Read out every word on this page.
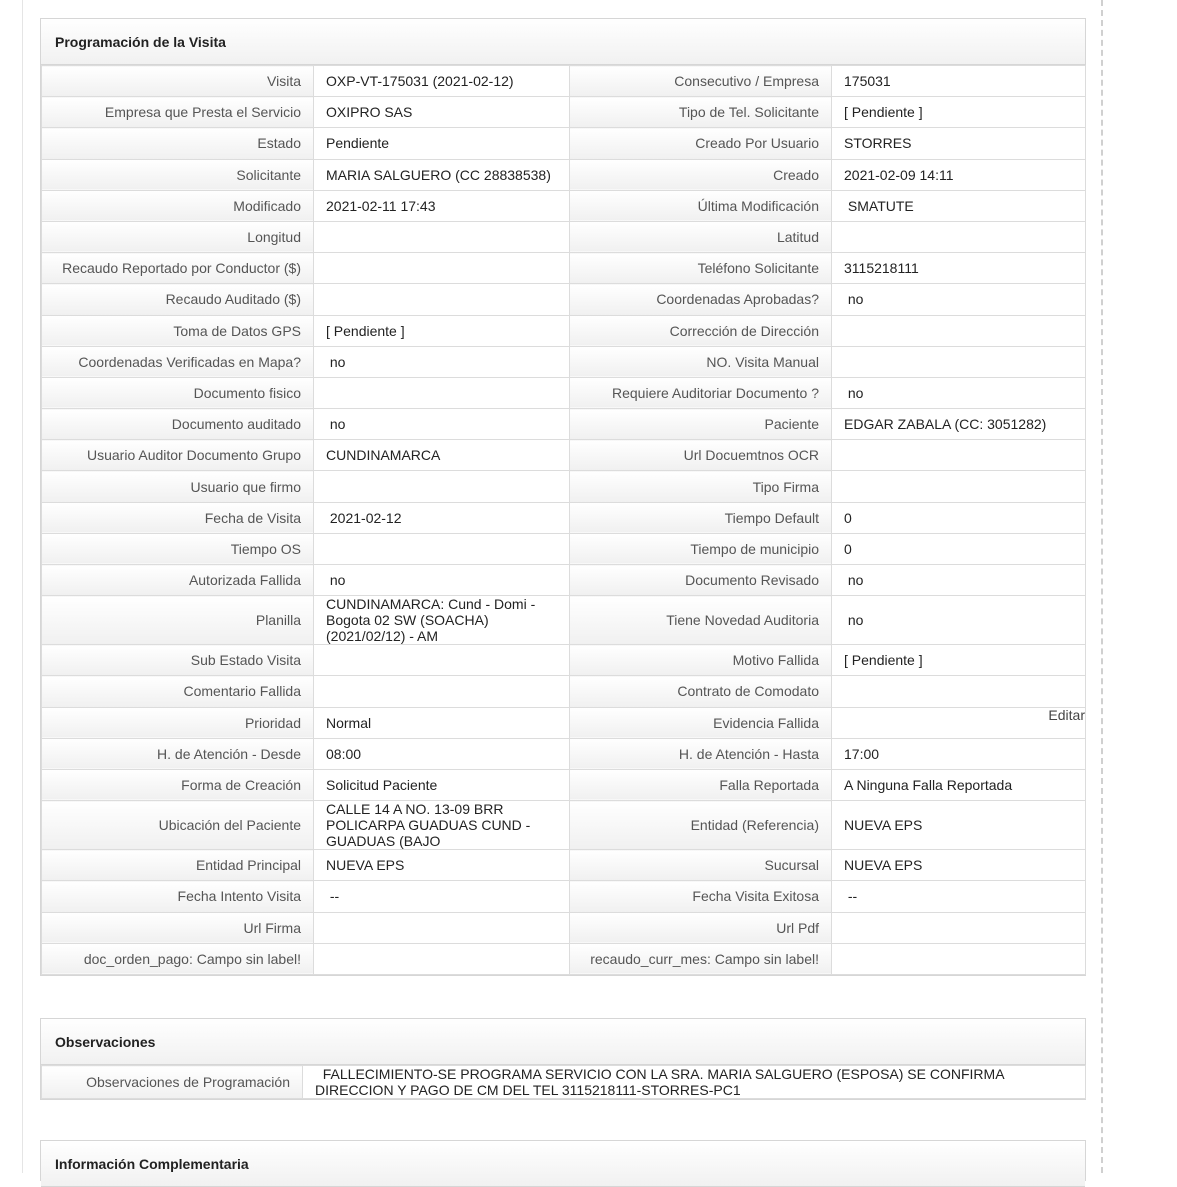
Programación de la Visita
Visita	OXP-VT-175031 (2021-02-12)	Consecutivo / Empresa	175031
Empresa que Presta el Servicio	OXIPRO SAS	Tipo de Tel. Solicitante	[ Pendiente ]
Estado	Pendiente	Creado Por Usuario	STORRES
Solicitante	MARIA SALGUERO (CC 28838538)	Creado	2021-02-09 14:11
Modificado	2021-02-11 17:43	Última Modificación	SMATUTE
Longitud		Latitud	
Recaudo Reportado por Conductor ($)		Teléfono Solicitante	3115218111
Recaudo Auditado ($)		Coordenadas Aprobadas?	no
Toma de Datos GPS	[ Pendiente ]	Corrección de Dirección	
Coordenadas Verificadas en Mapa?	no	NO. Visita Manual	
Documento fisico		Requiere Auditoriar Documento ?	no
Documento auditado	no	Paciente	EDGAR ZABALA (CC: 3051282)
Usuario Auditor Documento Grupo	CUNDINAMARCA	Url Docuemtnos OCR	
Usuario que firmo		Tipo Firma	
Fecha de Visita	2021-02-12	Tiempo Default	0
Tiempo OS		Tiempo de municipio	0
Autorizada Fallida	no	Documento Revisado	no
Planilla	CUNDINAMARCA: Cund - Domi - Bogota 02 SW (SOACHA) (2021/02/12) - AM	Tiene Novedad Auditoria	no
Sub Estado Visita		Motivo Fallida	[ Pendiente ]
Comentario Fallida		Contrato de Comodato	
Prioridad	Normal	Evidencia Fallida	Editar

H. de Atención - Desde	08:00	H. de Atención - Hasta	17:00
Forma de Creación	Solicitud Paciente	Falla Reportada	A Ninguna Falla Reportada
Ubicación del Paciente	CALLE 14 A NO. 13-09 BRR POLICARPA GUADUAS CUND - GUADUAS (BAJO	Entidad (Referencia)	NUEVA EPS
Entidad Principal	NUEVA EPS	Sucursal	NUEVA EPS
Fecha Intento Visita	--	Fecha Visita Exitosa	--
Url Firma		Url Pdf	
doc_orden_pago: Campo sin label!		recaudo_curr_mes: Campo sin label!	
Observaciones
Observaciones de Programación	FALLECIMIENTO-SE PROGRAMA SERVICIO CON LA SRA. MARIA SALGUERO (ESPOSA) SE CONFIRMA DIRECCION Y PAGO DE CM DEL TEL 3115218111-STORRES-PC1
Información Complementaria
